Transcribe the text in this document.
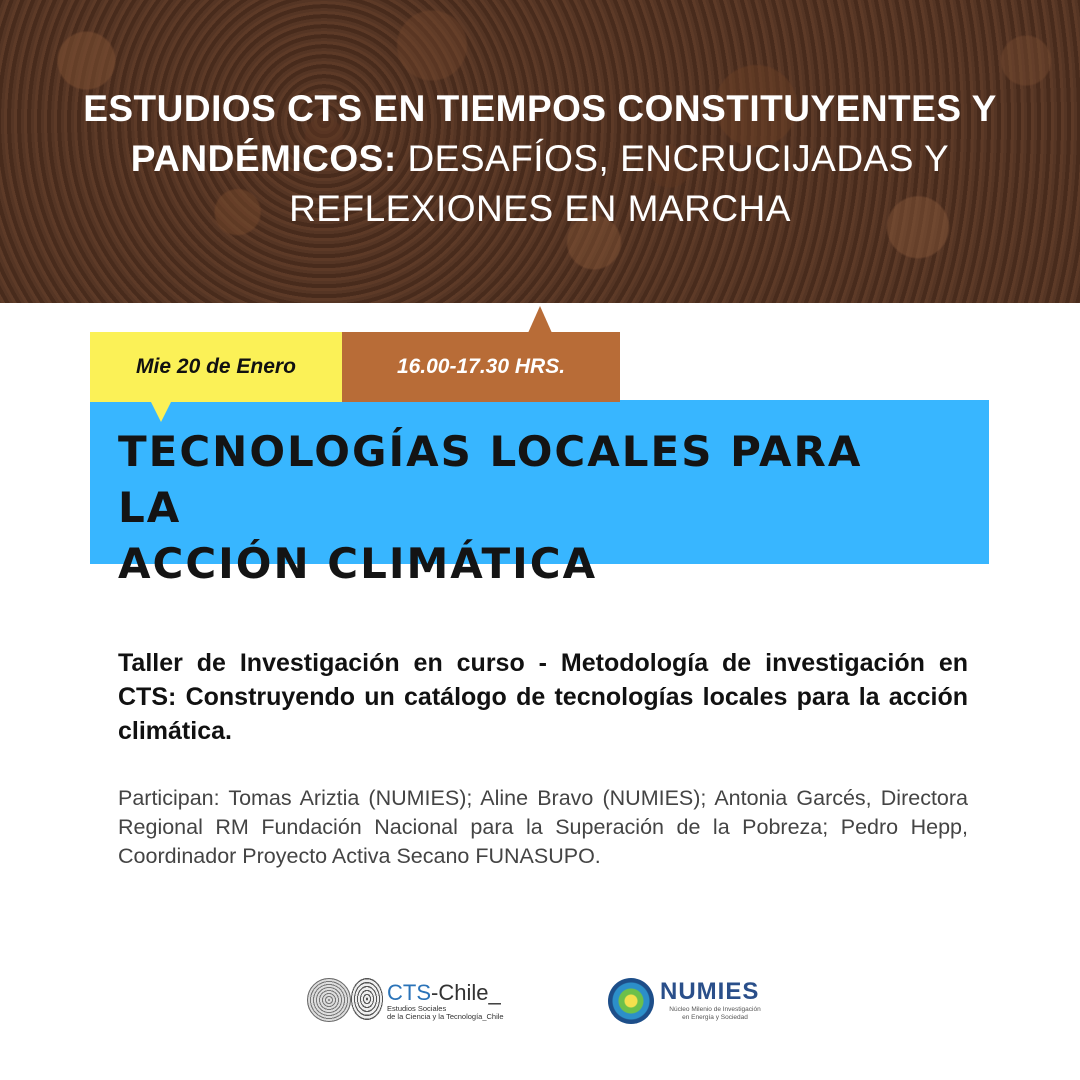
ESTUDIOS CTS EN TIEMPOS CONSTITUYENTES Y PANDÉMICOS: DESAFÍOS, ENCRUCIJADAS Y REFLEXIONES EN MARCHA
Mie 20 de Enero	16.00-17.30 HRS.
TECNOLOGÍAS LOCALES PARA LA
ACCIÓN CLIMÁTICA
Taller de Investigación en curso - Metodología de investigación en CTS: Construyendo un catálogo de tecnologías locales para la acción climática.
Participan: Tomas Ariztia (NUMIES); Aline Bravo (NUMIES); Antonia Garcés, Directora Regional RM Fundación Nacional para la Superación de la Pobreza; Pedro Hepp, Coordinador Proyecto Activa Secano FUNASUPO.
CTS-Chile_
Estudios Sociales
de la Ciencia y la Tecnología_Chile
NUMIES
Núcleo Milenio de Investigación
en Energía y Sociedad
